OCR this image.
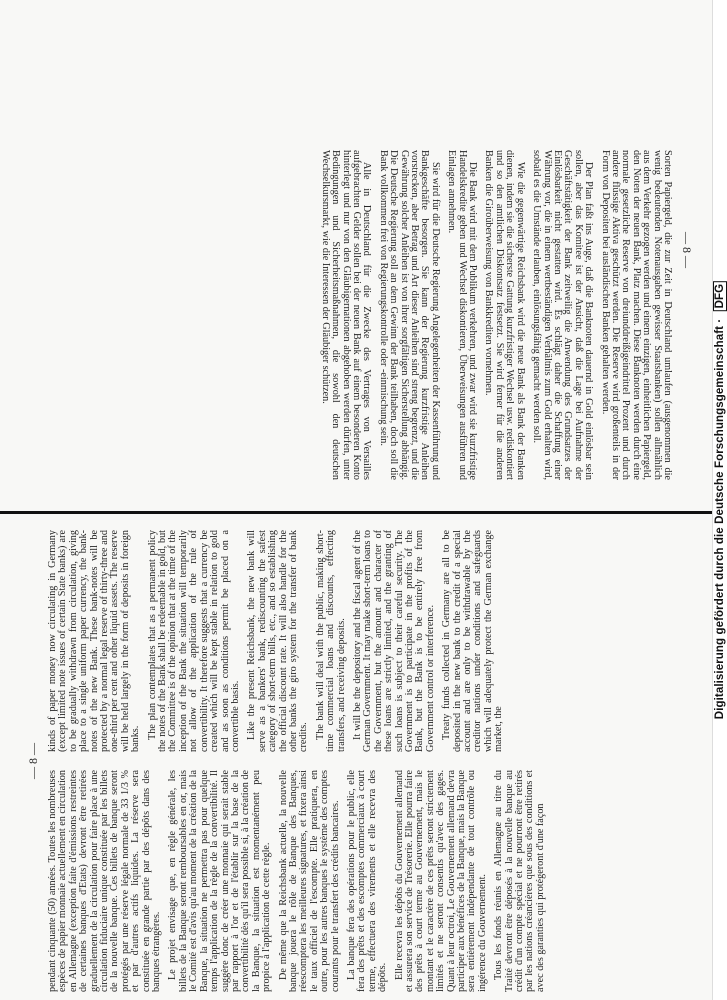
— 8 —

Sorten Papiergeld, die zur Zeit in Deutschland umlaufen (ausgenommen die wenig bedeutenden Notenausgaben gewisser Staatsbanken) sollen allmählich aus dem Verkehr gezogen werden und einem einzigen, einheitlichen Papiergeld, den Noten der neuen Bank, Platz machen. Diese Banknoten werden durch eine normale gesetzliche Reserve von dreiunddreißigeindrittel Prozent und durch andere flüssige Aktiva geschützt werden. Die Reserve wird großenteils in der Form von Depositen bei ausländischen Banken gehalten werden.

Der Plan faßt ins Auge, daß die Banknoten dauernd in Gold einlösbar sein sollen, aber das Komitee ist der Ansicht, daß die Lage bei Aufnahme der Geschäftstätigkeit der Bank zeitweilig die Anwendung des Grundsatzes der Einlösbarkeit nicht gestatten wird. Es schlägt daher die Schaffung einer Währung vor, die in einem wertbeständigen Verhältnis zum Gold erhalten wird, sobald es die Umstände erlauben, einlösungsfähig gemacht werden soll.

Wie die gegenwärtige Reichsbank wird die neue Bank als Bank der Banken dienen, indem sie die sicherste Gattung kurzfristiger Wechsel usw. rediskontiert und so den amtlichen Diskontsatz festsetzt. Sie wird ferner für die anderen Banken die Giroüberweisung von Bankkrediten vornehmen.

Die Bank wird mit dem Publikum verkehren, und zwar wird sie kurzfristige Handelskredite geben und Wechsel diskontieren, Überweisungen ausführen und Einlagen annehmen.

Sie wird für die Deutsche Regierung Angelegenheiten der Kassenführung und Bankgeschäfte besorgen. Sie kann der Regierung kurzfristige Anleihen vorstrecken, aber Betrag und Art dieser Anleihen sind streng begrenzt, und die Gewährung solcher Anleihen ist von ihrer sorgfältigen Sicherstellung abhängig. Die Deutsche Regierung soll an dem Gewinn der Bank teilhaben, doch soll die Bank vollkommen frei von Regierungskontrolle oder -einmischung sein.

Alle in Deutschland für die Zwecke des Vertrages von Versailles aufgebrachten Gelder sollen bei der neuen Bank auf einem besonderen Konto hinterlegt und nur von den Gläubigernationen abgehoben werden dürfen, unter Bedingungen und Sicherheitsmaßnahmen, die sowohl den deutschen Wechselkursmarkt, wie die Interessen der Gläubiger schützen.

— 8 —

pendant cinquante (50) années. Toutes les nombreuses espèces de papier monnaie actuellement en circulation en Allemagne (exception faite d'émissions restreintes de certaines banques d'Etats) devront être retirées graduellement de la circulation pour faire place à une circulation fiduciaire unique constituée par les billets de la nouvelle banque. Ces billets de banque seront protégés par une réserve légale normale de 33 1/3 % et par d'autres actifs liquides. La réserve sera constituée en grande partie par des dépôts dans des banques étrangères. Le projet envisage que, en règle générale, les billets de la Banque seront remboursables en or, mais le Comité est d'avis qu'au moment de la création de la Banque, la situation ne permettra pas pour quelque temps l'application de la règle de la convertibilité. Il suggère donc de créer une monnaie qui serait stable par rapport à l'or et de l'établir sur la base de la convertibilité dès qu'il sera possible si, à la création de la Banque, la situation est momentanément peu propice à l'application de cette règle. De même que la Reichsbank actuelle, la nouvelle banque jouera le rôle de Banque des Banques, réescomptera les meilleures signatures, et fixera ainsi le taux officiel de l'escompte. Elle pratiquera, en outre, pour les autres banques le système des comptes courants pour le transfert des crédits bancaires. La banque fera des opérations pour le public, elle fera des prêts et des escomptes commerciaux à court terme, effectuera des virements et elle recevra des dépôts. Elle recevra les dépôts du Gouvernement allemand et assurera son service de Trésorerie. Elle pourra faire des prêts à court terme au Gouvernement, mais le montant et le caractère de ces prêts seront strictement limités et ne seront consentis qu'avec des gages. Quant à leur octroi, Le Gouvernement allemand devra participer aux bénéfices de la Banque, mais la Banque sera entièrement indépendante de tout contrôle ou ingérence du Gouvernement. Tous les fonds réunis en Allemagne au titre du Traité devront être déposés à la nouvelle banque au crédit d'un compte spécial et ne pourront être retirés par les nations créancières que sous des conditions et avec des garanties qui protégeront d'une façon

kinds of paper money now circulating in Germany (except limited note issues of certain State banks) are to be gradually withdrawn from circulation, giving place to a single uniform paper currency, the bank-notes of the new Bank. These bank-notes will be protected by a normal legal reserve of thirty-three and one-third per cent and other liquid assets. The reserve will be held largely in the form of deposits in foreign banks. The plan contemplates that as a permanent policy the notes of the Bank shall be redeemable in gold, but the Committee is of the opinion that at the time of the inception of the Bank the situation will temporarily not allow of the application of the rule of convertibility. It therefore suggests that a currency be created which will be kept stable in relation to gold and as soon as conditions permit be placed on a convertible basis. Like the present Reichsbank, the new bank will serve as a bankers' bank, rediscounting the safest category of short-term bills, etc., and so establishing the official discount rate. It will also handle for the other banks the giro system for the transfer of bank credits. The bank will deal with the public, making short-time commercial loans and discounts, effecting transfers, and receiving deposits. It will be the depository and the fiscal agent of the German Government. It may make short-term loans to the Government, but the amount and character of these loans are strictly limited, and the granting of such loans is subject to their careful security. The Government is to participate in the profits of the Bank, but the Bank is to be entirely free from Government control or interference. Treaty funds collected in Germany are all to be deposited in the new bank to the credit of a special account and are only to be withdrawable by the creditor nations under conditions and safeguards which will adequately protect the German exchange market, the

Digitalisierung gefördert durch die Deutsche Forschungsgemeinschaft · DFG
